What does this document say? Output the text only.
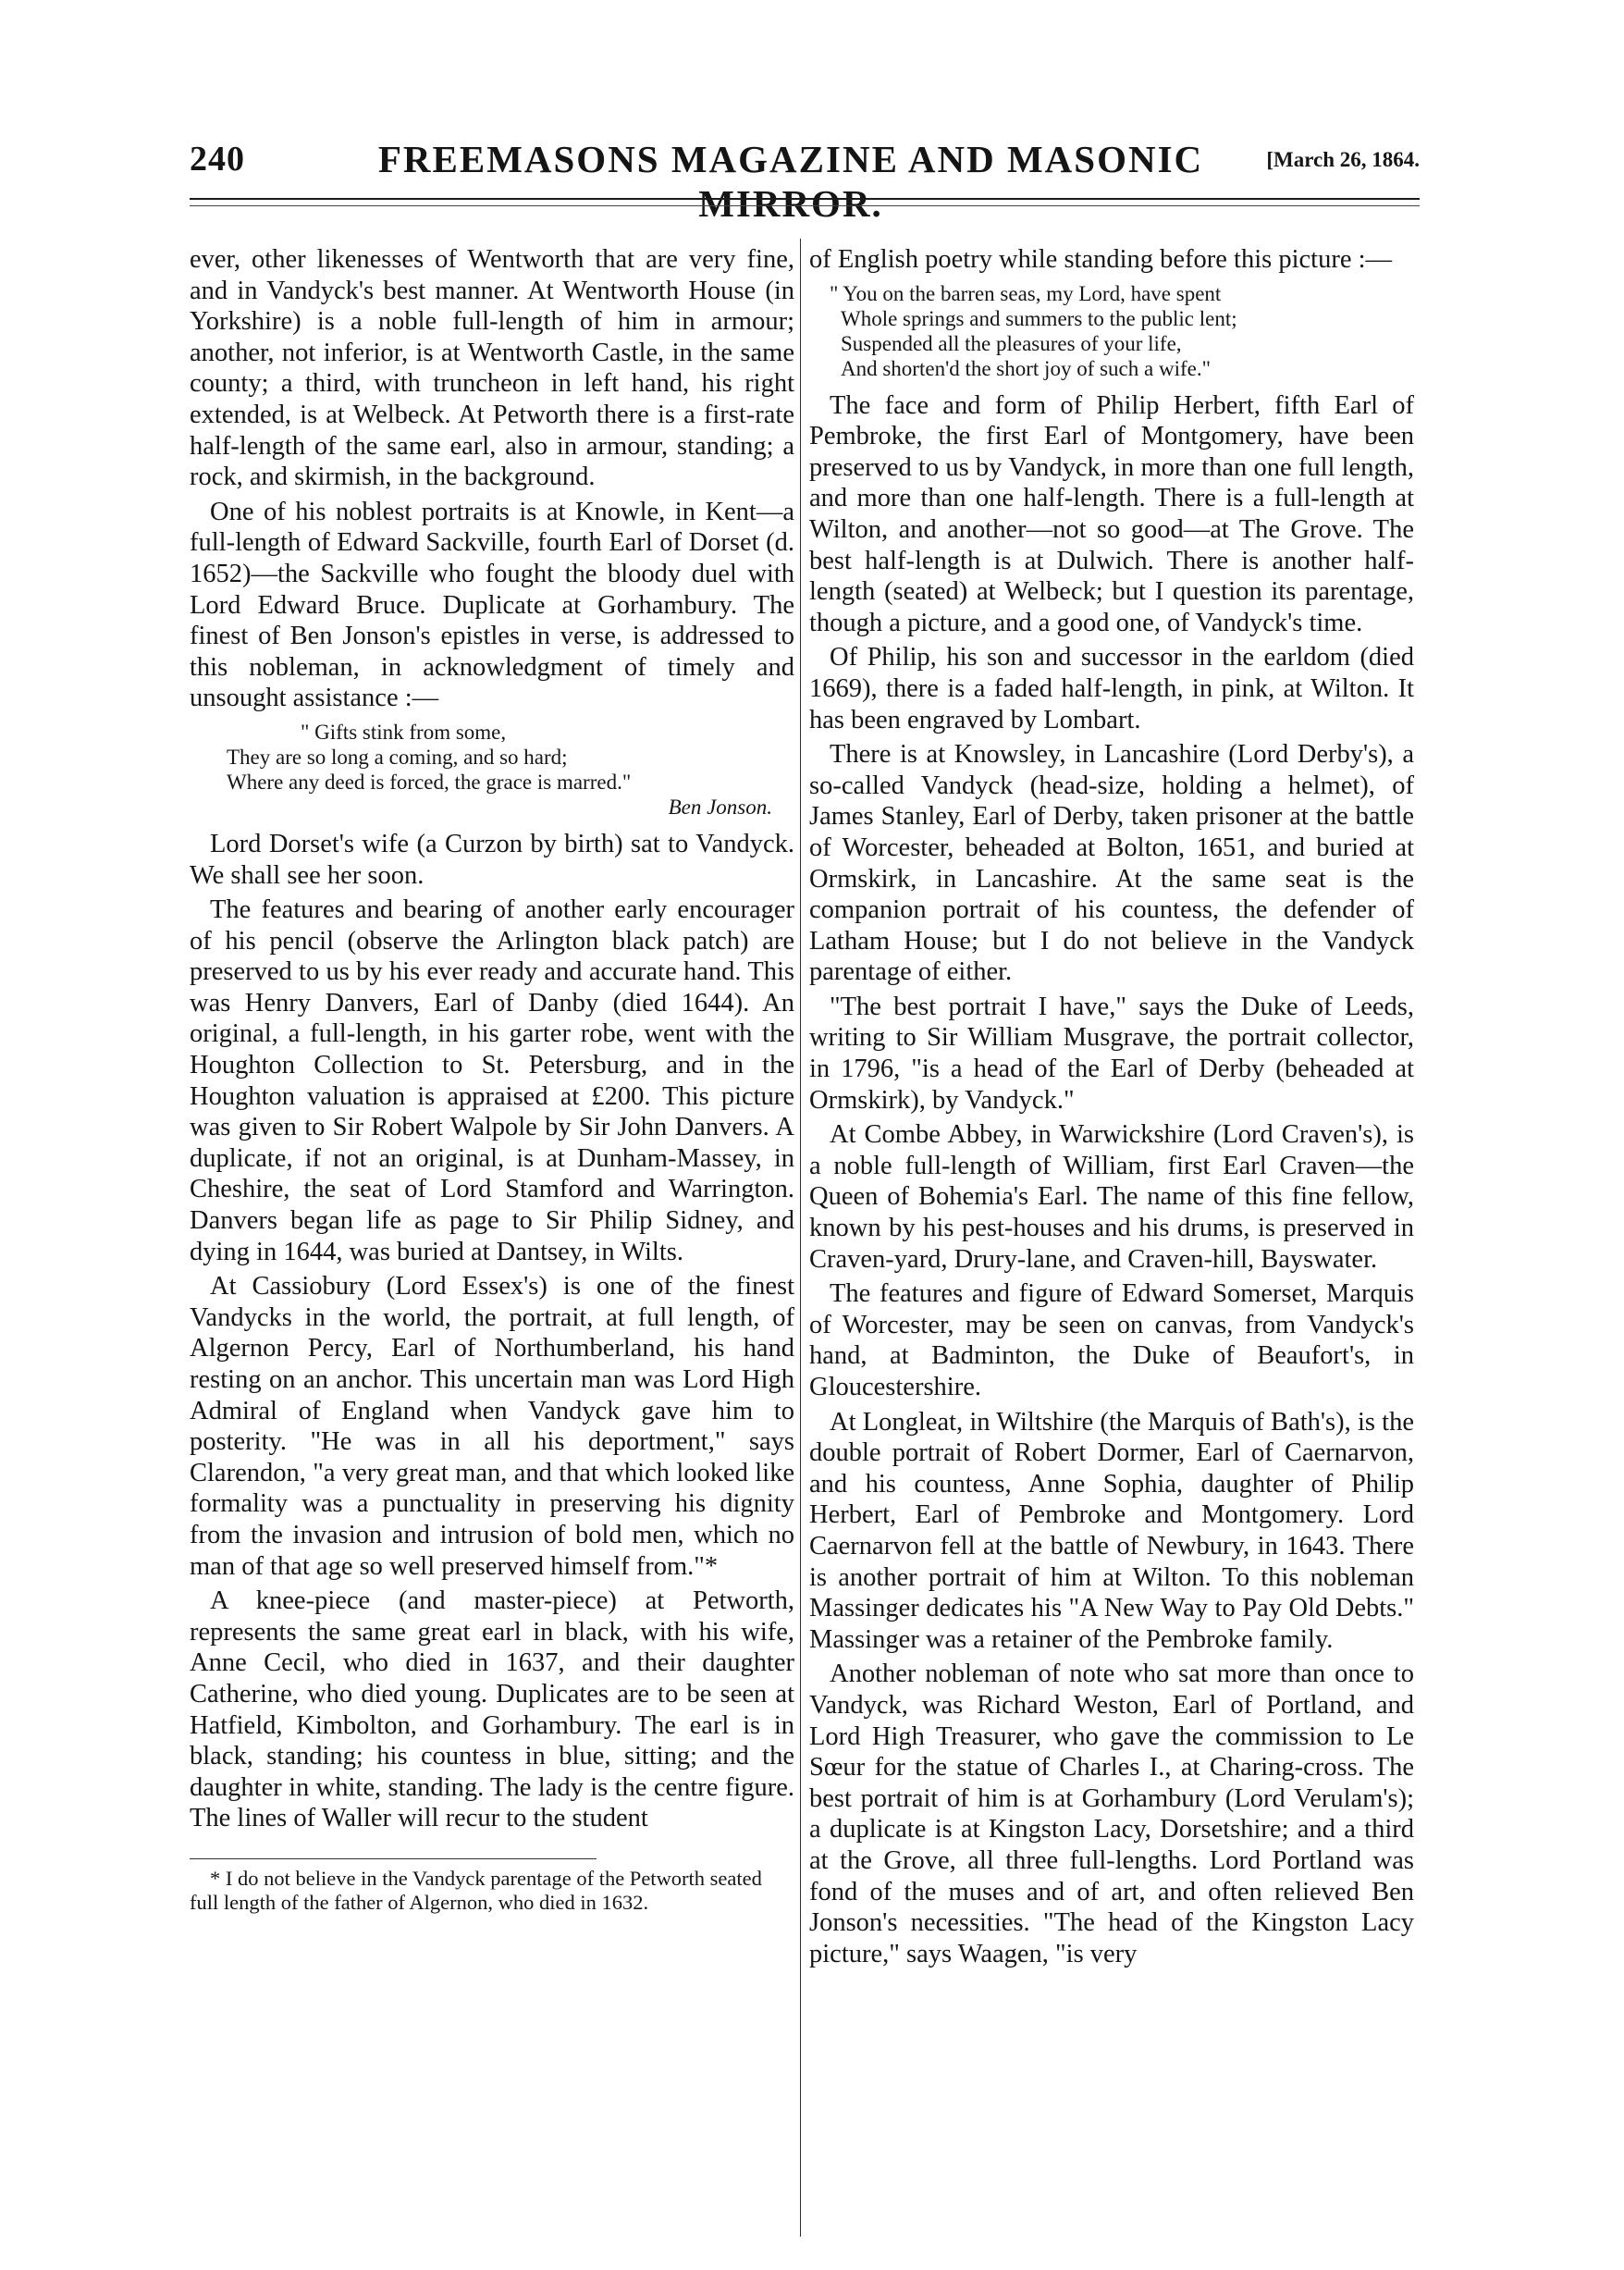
240	FREEMASONS MAGAZINE AND MASONIC MIRROR.
[March 26, 1864.

ever, other likenesses of Wentworth that are very fine, and in Vandyck's best manner. At Wentworth House (in Yorkshire) is a noble full-length of him in armour; another, not inferior, is at Wentworth Castle, in the same county; a third, with truncheon in left hand, his right extended, is at Welbeck. At Petworth there is a first-rate half-length of the same earl, also in armour, standing; a rock, and skirmish, in the background.

One of his noblest portraits is at Knowle, in Kent—a full-length of Edward Sackville, fourth Earl of Dorset (d. 1652)—the Sackville who fought the bloody duel with Lord Edward Bruce. Duplicate at Gorhambury. The finest of Ben Jonson's epistles in verse, is addressed to this nobleman, in acknowledgment of timely and unsought assistance :—

" Gifts stink from some,
They are so long a coming, and so hard;
Where any deed is forced, the grace is marred."
Ben Jonson.

Lord Dorset's wife (a Curzon by birth) sat to Vandyck. We shall see her soon.

The features and bearing of another early encourager of his pencil (observe the Arlington black patch) are preserved to us by his ever ready and accurate hand. This was Henry Danvers, Earl of Danby (died 1644). An original, a full-length, in his garter robe, went with the Houghton Collection to St. Petersburg, and in the Houghton valuation is appraised at £200. This picture was given to Sir Robert Walpole by Sir John Danvers. A duplicate, if not an original, is at Dunham-Massey, in Cheshire, the seat of Lord Stamford and Warrington. Danvers began life as page to Sir Philip Sidney, and dying in 1644, was buried at Dantsey, in Wilts.

At Cassiobury (Lord Essex's) is one of the finest Vandycks in the world, the portrait, at full length, of Algernon Percy, Earl of Northumberland, his hand resting on an anchor. This uncertain man was Lord High Admiral of England when Vandyck gave him to posterity. "He was in all his deportment," says Clarendon, "a very great man, and that which looked like formality was a punctuality in preserving his dignity from the invasion and intrusion of bold men, which no man of that age so well preserved himself from."*

A knee-piece (and master-piece) at Petworth, represents the same great earl in black, with his wife, Anne Cecil, who died in 1637, and their daughter Catherine, who died young. Duplicates are to be seen at Hatfield, Kimbolton, and Gorhambury. The earl is in black, standing; his countess in blue, sitting; and the daughter in white, standing. The lady is the centre figure. The lines of Waller will recur to the student

* I do not believe in the Vandyck parentage of the Petworth seated full length of the father of Algernon, who died in 1632.

of English poetry while standing before this picture :—

" You on the barren seas, my Lord, have spent
Whole springs and summers to the public lent;
Suspended all the pleasures of your life,
And shorten'd the short joy of such a wife."

The face and form of Philip Herbert, fifth Earl of Pembroke, the first Earl of Montgomery, have been preserved to us by Vandyck, in more than one full length, and more than one half-length. There is a full-length at Wilton, and another—not so good—at The Grove. The best half-length is at Dulwich. There is another half-length (seated) at Welbeck; but I question its parentage, though a picture, and a good one, of Vandyck's time.

Of Philip, his son and successor in the earldom (died 1669), there is a faded half-length, in pink, at Wilton. It has been engraved by Lombart.

There is at Knowsley, in Lancashire (Lord Derby's), a so-called Vandyck (head-size, holding a helmet), of James Stanley, Earl of Derby, taken prisoner at the battle of Worcester, beheaded at Bolton, 1651, and buried at Ormskirk, in Lancashire. At the same seat is the companion portrait of his countess, the defender of Latham House; but I do not believe in the Vandyck parentage of either.

"The best portrait I have," says the Duke of Leeds, writing to Sir William Musgrave, the portrait collector, in 1796, "is a head of the Earl of Derby (beheaded at Ormskirk), by Vandyck."

At Combe Abbey, in Warwickshire (Lord Craven's), is a noble full-length of William, first Earl Craven—the Queen of Bohemia's Earl. The name of this fine fellow, known by his pest-houses and his drums, is preserved in Craven-yard, Drury-lane, and Craven-hill, Bayswater.

The features and figure of Edward Somerset, Marquis of Worcester, may be seen on canvas, from Vandyck's hand, at Badminton, the Duke of Beaufort's, in Gloucestershire.

At Longleat, in Wiltshire (the Marquis of Bath's), is the double portrait of Robert Dormer, Earl of Caernarvon, and his countess, Anne Sophia, daughter of Philip Herbert, Earl of Pembroke and Montgomery. Lord Caernarvon fell at the battle of Newbury, in 1643. There is another portrait of him at Wilton. To this nobleman Massinger dedicates his "A New Way to Pay Old Debts." Massinger was a retainer of the Pembroke family.

Another nobleman of note who sat more than once to Vandyck, was Richard Weston, Earl of Portland, and Lord High Treasurer, who gave the commission to Le Sœur for the statue of Charles I., at Charing-cross. The best portrait of him is at Gorhambury (Lord Verulam's); a duplicate is at Kingston Lacy, Dorsetshire; and a third at the Grove, all three full-lengths. Lord Portland was fond of the muses and of art, and often relieved Ben Jonson's necessities. "The head of the Kingston Lacy picture," says Waagen, "is very
